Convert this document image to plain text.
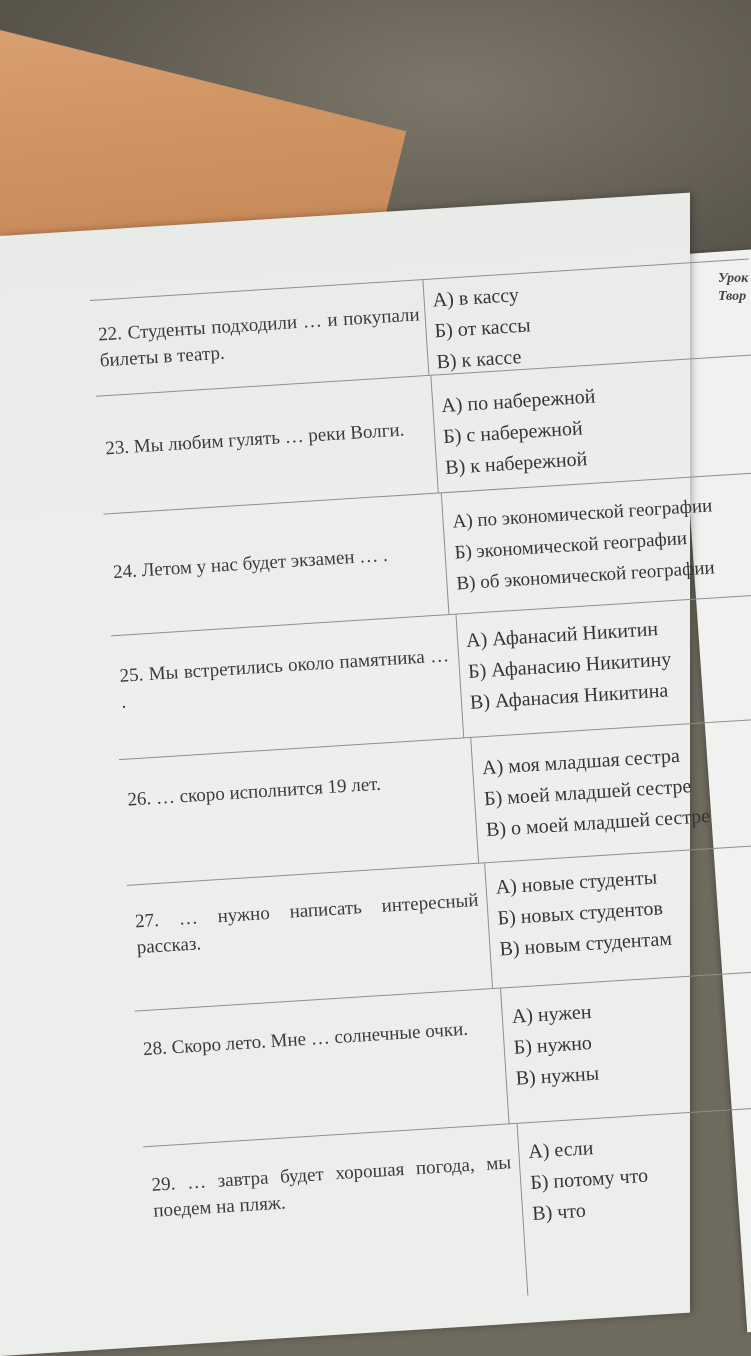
Урок
Твор
22. Студенты подходили … и покупали билеты в театр.
А) в кассу
Б) от кассы
В) к кассе
23. Мы любим гулять … реки Волги.
А) по набережной
Б) с набережной
В) к набережной
24. Летом у нас будет экзамен … .
А) по экономической географии
Б) экономической географии
В) об экономической географии
25. Мы встретились около памятника … .
А) Афанасий Никитин
Б) Афанасию Никитину
В) Афанасия Никитина
26. … скоро исполнится 19 лет.
А) моя младшая сестра
Б) моей младшей сестре
В) о моей младшей сестре
27. … нужно написать интересный рассказ.
А) новые студенты
Б) новых студентов
В) новым студентам
28. Скоро лето. Мне … солнечные очки.
А) нужен
Б) нужно
В) нужны
29. … завтра будет хорошая погода, мы поедем на пляж.
А) если
Б) потому что
В) что
